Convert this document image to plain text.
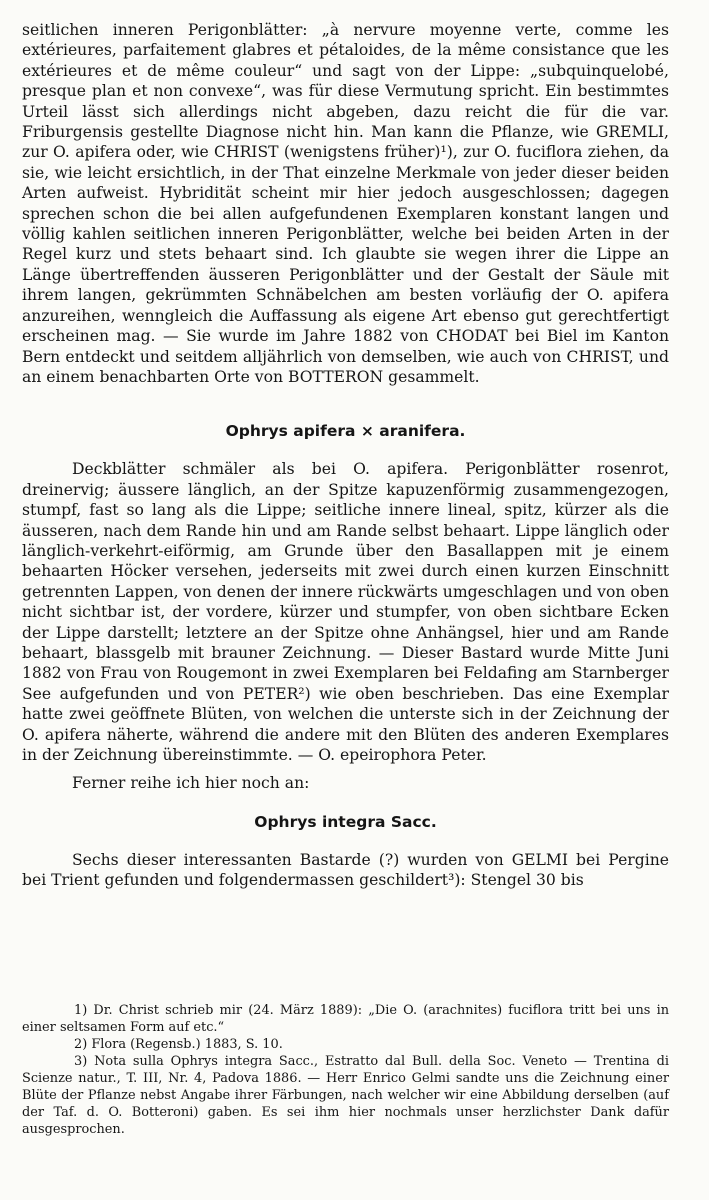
seitlichen inneren Perigonblätter: „à nervure moyenne verte, comme les extérieures, parfaitement glabres et pétaloides, de la même consistance que les extérieures et de même couleur“ und sagt von der Lippe: „subquinquelobé, presque plan et non convexe“, was für diese Vermutung spricht. Ein bestimmtes Urteil lässt sich allerdings nicht abgeben, dazu reicht die für die var. Friburgensis gestellte Diagnose nicht hin. Man kann die Pflanze, wie GREMLI, zur O. apifera oder, wie CHRIST (wenigstens früher)¹), zur O. fuciflora ziehen, da sie, wie leicht ersichtlich, in der That einzelne Merkmale von jeder dieser beiden Arten aufweist. Hybridität scheint mir hier jedoch ausgeschlossen; dagegen sprechen schon die bei allen aufgefundenen Exemplaren konstant langen und völlig kahlen seitlichen inneren Perigonblätter, welche bei beiden Arten in der Regel kurz und stets behaart sind. Ich glaubte sie wegen ihrer die Lippe an Länge übertreffenden äusseren Perigonblätter und der Gestalt der Säule mit ihrem langen, gekrümmten Schnäbelchen am besten vorläufig der O. apifera anzureihen, wenngleich die Auffassung als eigene Art ebenso gut gerechtfertigt erscheinen mag. — Sie wurde im Jahre 1882 von CHODAT bei Biel im Kanton Bern entdeckt und seitdem alljährlich von demselben, wie auch von CHRIST, und an einem benachbarten Orte von BOTTERON gesammelt.

Ophrys apifera × aranifera.

Deckblätter schmäler als bei O. apifera. Perigonblätter rosenrot, dreinervig; äussere länglich, an der Spitze kapuzenförmig zusammengezogen, stumpf, fast so lang als die Lippe; seitliche innere lineal, spitz, kürzer als die äusseren, nach dem Rande hin und am Rande selbst behaart. Lippe länglich oder länglich-verkehrt-eiförmig, am Grunde über den Basallappen mit je einem behaarten Höcker versehen, jederseits mit zwei durch einen kurzen Einschnitt getrennten Lappen, von denen der innere rückwärts umgeschlagen und von oben nicht sichtbar ist, der vordere, kürzer und stumpfer, von oben sichtbare Ecken der Lippe darstellt; letztere an der Spitze ohne Anhängsel, hier und am Rande behaart, blassgelb mit brauner Zeichnung. — Dieser Bastard wurde Mitte Juni 1882 von Frau von Rougemont in zwei Exemplaren bei Feldafing am Starnberger See aufgefunden und von PETER²) wie oben beschrieben. Das eine Exemplar hatte zwei geöffnete Blüten, von welchen die unterste sich in der Zeichnung der O. apifera näherte, während die andere mit den Blüten des anderen Exemplares in der Zeichnung übereinstimmte. — O. epeirophora Peter.

Ferner reihe ich hier noch an:

Ophrys integra Sacc.

Sechs dieser interessanten Bastarde (?) wurden von GELMI bei Pergine bei Trient gefunden und folgendermassen geschildert³): Stengel 30 bis

1) Dr. Christ schrieb mir (24. März 1889): „Die O. (arachnites) fuciflora tritt bei uns in einer seltsamen Form auf etc.“

2) Flora (Regensb.) 1883, S. 10.

3) Nota sulla Ophrys integra Sacc., Estratto dal Bull. della Soc. Veneto — Trentina di Scienze natur., T. III, Nr. 4, Padova 1886. — Herr Enrico Gelmi sandte uns die Zeichnung einer Blüte der Pflanze nebst Angabe ihrer Färbungen, nach welcher wir eine Abbildung derselben (auf der Taf. d. O. Botteroni) gaben. Es sei ihm hier nochmals unser herzlichster Dank dafür ausgesprochen.
